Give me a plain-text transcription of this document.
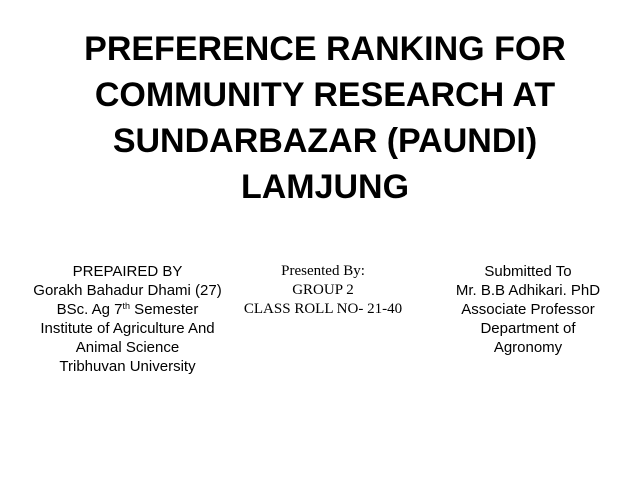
PREFERENCE RANKING FOR
COMMUNITY RESEARCH AT
SUNDARBAZAR (PAUNDI)
LAMJUNG
PREPAIRED BY
Gorakh Bahadur Dhami (27)
BSc. Ag 7th Semester
Institute of Agriculture And
Animal Science
Tribhuvan University
Presented By:
GROUP 2
CLASS ROLL NO- 21-40
Submitted To
Mr. B.B Adhikari. PhD
Associate Professor
Department of
Agronomy
